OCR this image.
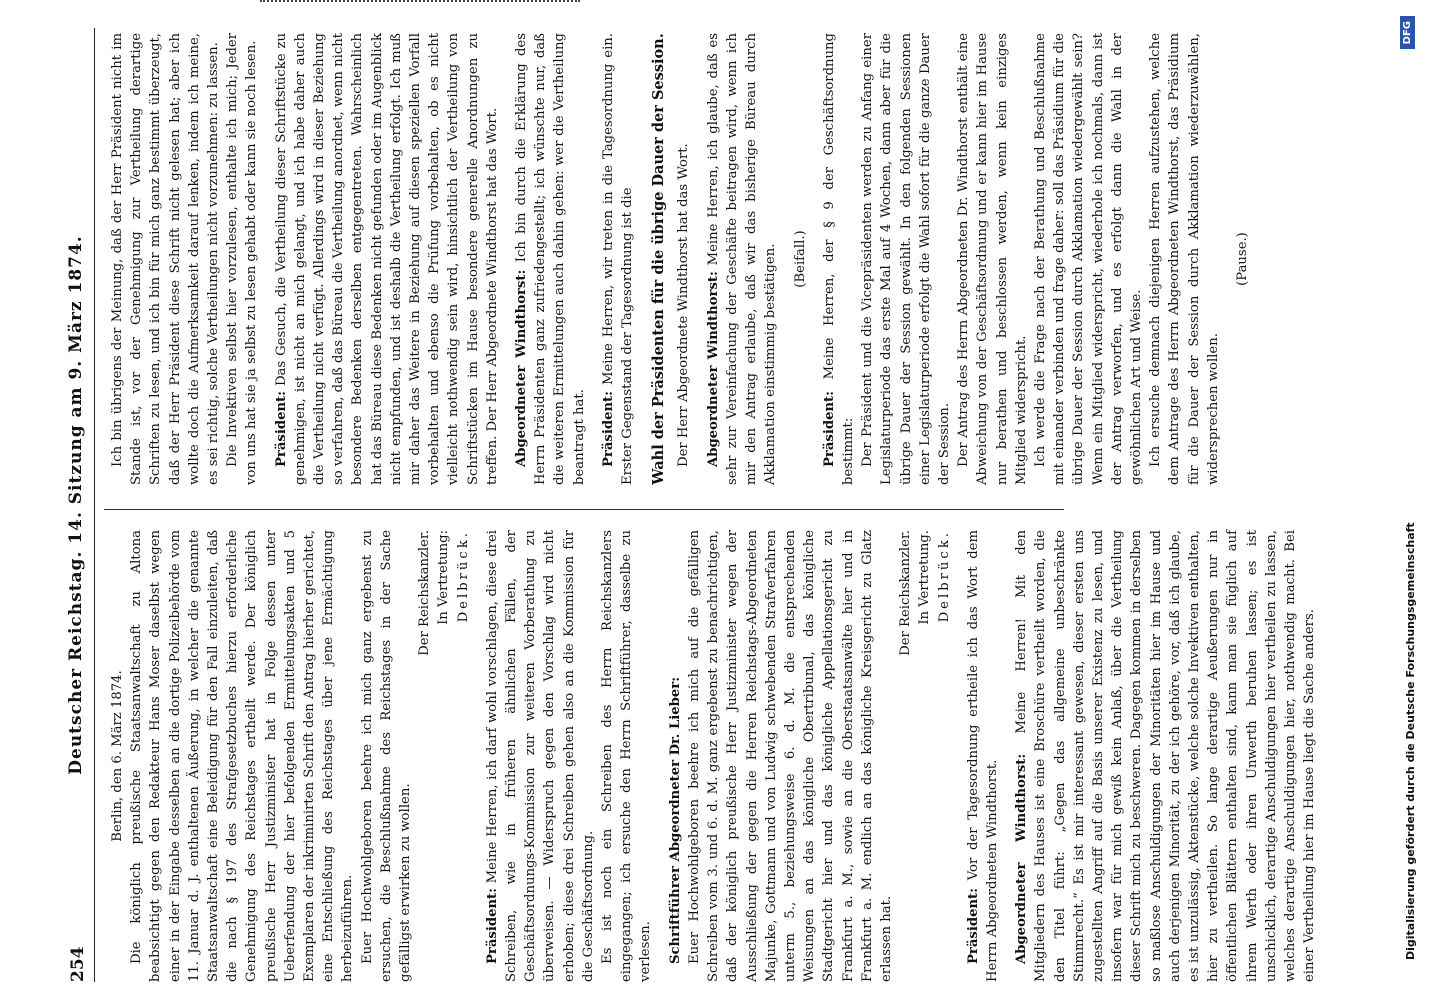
254
Deutscher Reichstag. 14. Sitzung am 9. März 1874. Berlin, den 6. März 1874. Die königlich preußische Staatsanwaltschaft zu Altona beabsichtigt gegen den Redakteur Hans Moser daselbst wegen einer in der Eingabe desselben an die dortige Polizeibehörde vom 11. Januar d. J. enthaltenen Äußerung, in welcher die genannte Staatsanwaltschaft eine Beleidigung für den Fall einzuleiten, daß die nach § 197 des Strafgesetzbuches hierzu erforderliche Genehmigung des Reichstages ertheilt werde. Der königlich preußische Herr Justizminister hat in Folge dessen unter Ueberfendung der hier befolgenden Ermittelungsakten und 5 Exemplaren der inkriminirten Schrift den Antrag hierher gerichtet, eine Entschließung des Reichstages über jene Ermächtigung herbeizuführen. Euer Hochwohlgeboren beehre ich mich ganz ergebenst zu ersuchen, die Beschlußnahme des Reichstages in der Sache gefälligst erwirken zu wollen.

Der Reichskanzler. In Vertretung: Delbrück.

Präsident: Meine Herren, ich darf wohl vorschlagen, diese drei Schreiben, wie in früheren ähnlichen Fällen, der Geschäftsordnungs-Kommission zur weiteren Vorberathung zu überweisen. — Widerspruch gegen den Vorschlag wird nicht erhoben; diese drei Schreiben gehen also an die Kommission für die Geschäftsordnung. Es ist noch ein Schreiben des Herrn Reichskanzlers eingegangen; ich ersuche den Herrn Schriftführer, dasselbe zu verlesen. Schriftführer Abgeordneter Dr. Lieber: Euer Hochwohlgeboren beehre ich mich auf die gefälligen Schreiben vom 3. und 6. d. M. ganz ergebenst zu benachrichtigen, daß der königlich preußische Herr Justizminister wegen der Ausschließung der gegen die Herren Reichstags-Abgeordneten Majunke, Gottmann und von Ludwig schwebenden Strafverfahren unterm 5., beziehungsweise 6. d. M. die entsprechenden Weisungen an das königliche Obertribunal, das königliche Stadtgericht hier und das königliche Appellationsgericht zu Frankfurt a. M., sowie an die Oberstaatsanwälte hier und in Frankfurt a. M. endlich an das königliche Kreisgericht zu Glatz erlassen hat.

Der Reichskanzler. In Vertretung. Delbrück.

Präsident: Vor der Tagesordnung ertheile ich das Wort dem Herrn Abgeordneten Windthorst. Abgeordneter Windthorst: Meine Herren! Mit den Mitgliedern des Hauses ist eine Broschüre vertheilt worden, die den Titel führt: „Gegen das allgemeine unbeschränkte Stimmrecht.“ Es ist mir interessant gewesen, dieser ersten uns zugestellten Angriff auf die Basis unserer Existenz zu lesen, und insofern war für mich gewiß kein Anlaß, über die Vertheilung dieser Schrift mich zu beschweren. Dagegen kommen in derselben so maßlose Anschuldigungen der Minoritäten hier im Hause und auch derjenigen Minorität, zu der ich gehöre, vor, daß ich glaube, es ist unzulässig, Aktenstücke, welche solche Invektiven enthalten, hier zu vertheilen. So lange derartige Aeußerungen nur in öffentlichen Blättern enthalten sind, kann man sie füglich auf ihrem Werth oder ihren Unwerth beruhen lassen; es ist unschicklich, derartige Anschuldigungen hier vertheilen zu lassen, welches derartige Anschuldigungen hier, nothwendig macht. Bei einer Vertheilung hier im Hause liegt die Sache anders.

Ich bin übrigens der Meinung, daß der Herr Präsident nicht im Stande ist, vor der Genehmigung zur Vertheilung derartige Schriften zu lesen, und ich bin für mich ganz bestimmt überzeugt, daß der Herr Präsident diese Schrift nicht gelesen hat; aber ich wollte doch die Aufmerksamkeit darauf lenken, indem ich meine, es sei richtig, solche Vertheilungen nicht vorzunehmen: zu lassen. Die Invektiven selbst hier vorzulesen, enthalte ich mich; Jeder von uns hat sie ja selbst zu lesen gehabt oder kann sie noch lesen. Präsident: Das Gesuch, die Vertheilung dieser Schriftstücke zu genehmigen, ist nicht an mich gelangt, und ich habe daher auch die Vertheilung nicht verfügt. Allerdings wird in dieser Beziehung so verfahren, daß das Büreau die Vertheilung anordnet, wenn nicht besondere Bedenken derselben entgegentreten. Wahrscheinlich hat das Büreau diese Bedenken nicht gefunden oder im Augenblick nicht empfunden, und ist deshalb die Vertheilung erfolgt. Ich muß mir daher das Weitere in Beziehung auf diesen speziellen Vorfall vorbehalten und ebenso die Prüfung vorbehalten, ob es nicht vielleicht nothwendig sein wird, hinsichtlich der Vertheilung von Schriftstücken im Hause besondere generelle Anordnungen zu treffen. Der Herr Abgeordnete Windthorst hat das Wort. Abgeordneter Windthorst: Ich bin durch die Erklärung des Herrn Präsidenten ganz zufriedengestellt; ich wünschte nur, daß die weiteren Ermittelungen auch dahin gehen: wer die Vertheilung beantragt hat. Präsident: Meine Herren, wir treten in die Tagesordnung ein. Erster Gegenstand der Tagesordnung ist die Wahl der Präsidenten für die übrige Dauer der Session. Der Herr Abgeordnete Windthorst hat das Wort. Abgeordneter Windthorst: Meine Herren, ich glaube, daß es sehr zur Vereinfachung der Geschäfte beitragen wird, wenn ich mir den Antrag erlaube, daß wir das bisherige Büreau durch Akklamation einstimmig bestätigen. (Beifall.)

Präsident: Meine Herren, der § 9 der Geschäftsordnung bestimmt: Der Präsident und die Vicepräsidenten werden zu Anfang einer Legislaturperiode das erste Mal auf 4 Wochen, dann aber für die übrige Dauer der Session gewählt. In den folgenden Sessionen einer Legislaturperiode erfolgt die Wahl sofort für die ganze Dauer der Session. Der Antrag des Herrn Abgeordneten Dr. Windthorst enthält eine Abweichung von der Geschäftsordnung und er kann hier im Hause nur berathen und beschlossen werden, wenn kein einziges Mitglied widerspricht. Ich werde die Frage nach der Berathung und Beschlußnahme mit einander verbinden und frage daher: soll das Präsidium für die übrige Dauer der Session durch Akklamation wiedergewählt sein? Wenn ein Mitglied widerspricht, wiederhole ich nochmals, dann ist der Antrag verworfen, und es erfolgt dann die Wahl in der gewöhnlichen Art und Weise. Ich ersuche demnach diejenigen Herren aufzustehen, welche dem Antrage des Herrn Abgeordneten Windthorst, das Präsidium für die Dauer der Session durch Akklamation wiederzuwählen, widersprechen wollen.

(Pause.)

Digitalisierung gefördert durch die Deutsche Forschungsgemeinschaft
DFG
